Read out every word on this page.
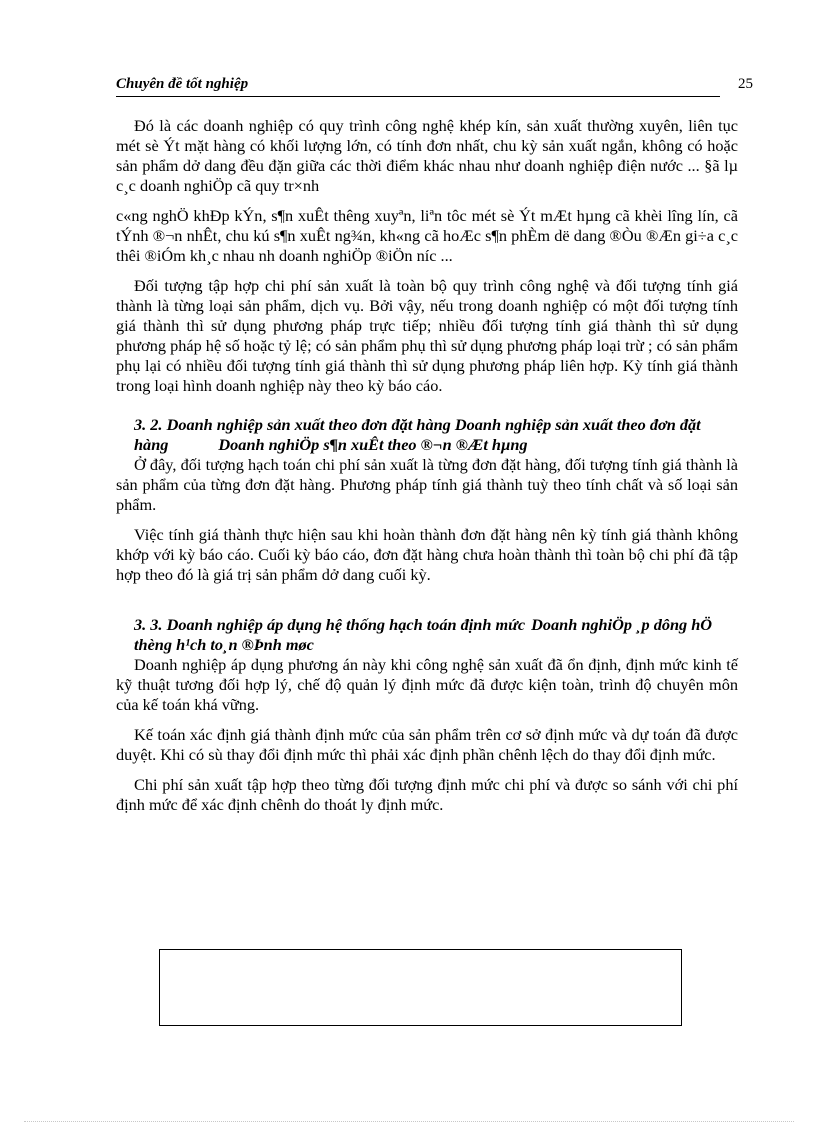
Chuyên đề tốt nghiệp	25

Đó là các doanh nghiệp có quy trình công nghệ khép kín, sản xuất thường xuyên, liên tục mét sè Ýt mặt hàng có khối lượng lớn, có tính đơn nhất, chu kỳ sản xuất ngắn, không có hoặc sản phẩm dở dang đều đặn giữa các thời điểm khác nhau như doanh nghiệp điện nước ... §ã lµ c¸c doanh nghiÖp cã quy tr×nh

c«ng nghÖ khÐp kÝn, s¶n xuÊt thêng xuyªn, liªn tôc mét sè Ýt mÆt hµng cã khèi lîng lín, cã tÝnh ®¬n nhÊt, chu kú s¶n xuÊt ng¾n, kh«ng cã hoÆc s¶n phÈm dë dang ®Òu ®Æn gi÷a c¸c thêi ®iÓm kh¸c nhau nh doanh nghiÖp ®iÖn níc ...

Đối tượng tập hợp chi phí sản xuất là toàn bộ quy trình công nghệ và đối tượng tính giá thành là từng loại sản phẩm, dịch vụ. Bởi vậy, nếu trong doanh nghiệp có một đối tượng tính giá thành thì sử dụng phương pháp trực tiếp; nhiều đối tượng tính giá thành thì sử dụng phương pháp hệ số hoặc tỷ lệ; có sản phẩm phụ thì sử dụng phương pháp loại trừ ; có sản phẩm phụ lại có nhiều đối tượng tính giá thành thì sử dụng phương pháp liên hợp. Kỳ tính giá thành trong loại hình doanh nghiệp này theo kỳ báo cáo.

3. 2. Doanh nghiệp sản xuất theo đơn đặt hàng Doanh nghiệp sản xuất theo đơn đặt hàng	Doanh nghiÖp s¶n xuÊt theo ®¬n ®Æt hµng

Ở đây, đối tượng hạch toán chi phí sản xuất là từng đơn đặt hàng, đối tượng tính giá thành là sản phẩm của từng đơn đặt hàng. Phương pháp tính giá thành tuỳ theo tính chất và số loại sản phẩm.

Việc tính giá thành thực hiện sau khi hoàn thành đơn đặt hàng nên kỳ tính giá thành không khớp với kỳ báo cáo. Cuối kỳ báo cáo, đơn đặt hàng chưa hoàn thành thì toàn bộ chi phí đã tập hợp theo đó là giá trị sản phẩm dở dang cuối kỳ.

3. 3. Doanh nghiệp áp dụng hệ thống hạch toán định mức Doanh nghiÖp ¸p dông hÖ thèng h¹ch to¸n ®Þnh møc

Doanh nghiệp áp dụng phương án này khi công nghệ sản xuất đã ổn định, định mức kinh tế kỹ thuật tương đối hợp lý, chế độ quản lý định mức đã được kiện toàn, trình độ chuyên môn của kế toán khá vững.

Kế toán xác định giá thành định mức của sản phẩm trên cơ sở định mức và dự toán đã được duyệt. Khi có sù thay đổi định mức thì phải xác định phần chênh lệch do thay đổi định mức.

Chi phí sản xuất tập hợp theo từng đối tượng định mức chi phí và được so sánh với chi phí định mức để xác định chênh do thoát ly định mức.
